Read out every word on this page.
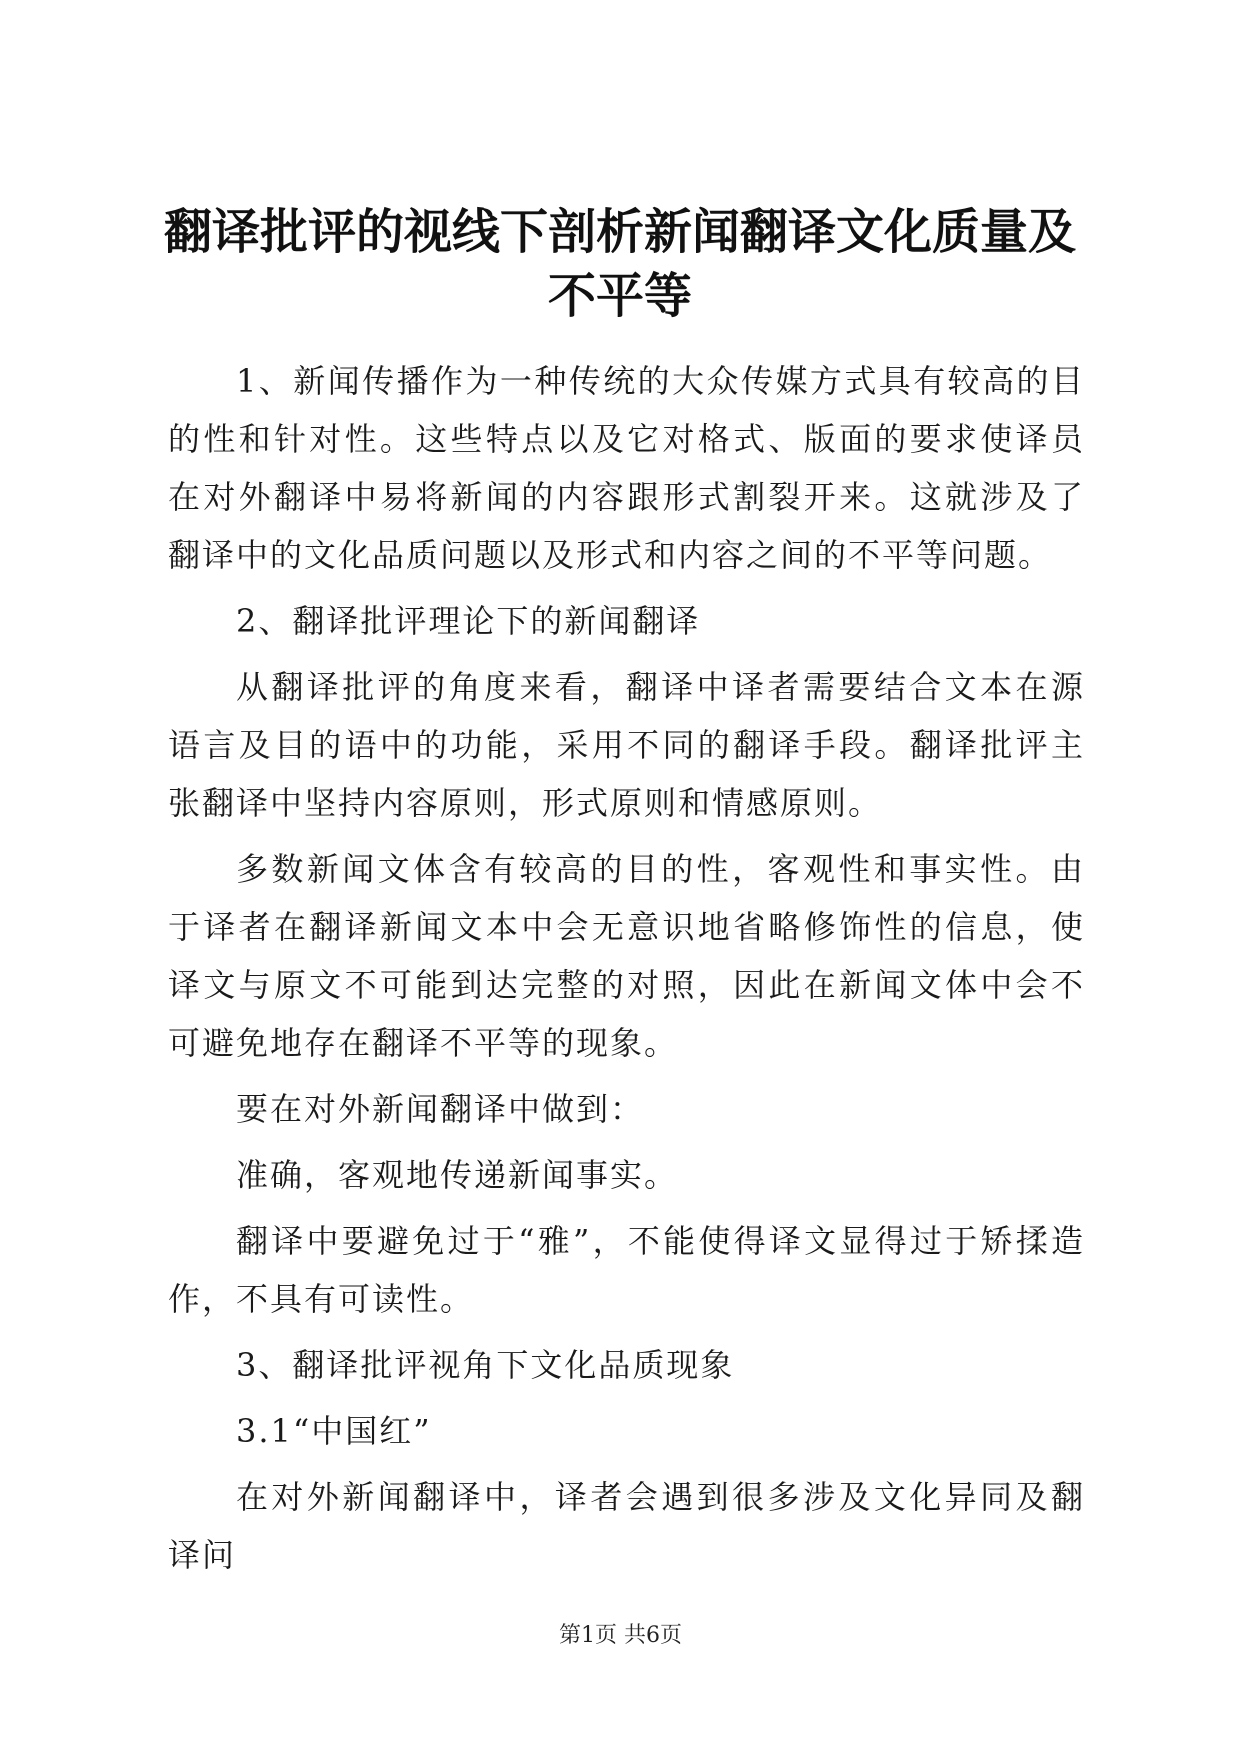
翻译批评的视线下剖析新闻翻译文化质量及不平等

1、新闻传播作为一种传统的大众传媒方式具有较高的目的性和针对性。这些特点以及它对格式、版面的要求使译员在对外翻译中易将新闻的内容跟形式割裂开来。这就涉及了翻译中的文化品质问题以及形式和内容之间的不平等问题。

2、翻译批评理论下的新闻翻译

从翻译批评的角度来看，翻译中译者需要结合文本在源语言及目的语中的功能，采用不同的翻译手段。翻译批评主张翻译中坚持内容原则，形式原则和情感原则。

多数新闻文体含有较高的目的性，客观性和事实性。由于译者在翻译新闻文本中会无意识地省略修饰性的信息，使译文与原文不可能到达完整的对照，因此在新闻文体中会不可避免地存在翻译不平等的现象。

要在对外新闻翻译中做到：

准确，客观地传递新闻事实。

翻译中要避免过于“雅”，不能使得译文显得过于矫揉造作，不具有可读性。

3、翻译批评视角下文化品质现象

3.1“中国红”

在对外新闻翻译中，译者会遇到很多涉及文化异同及翻译问

第1页 共6页
